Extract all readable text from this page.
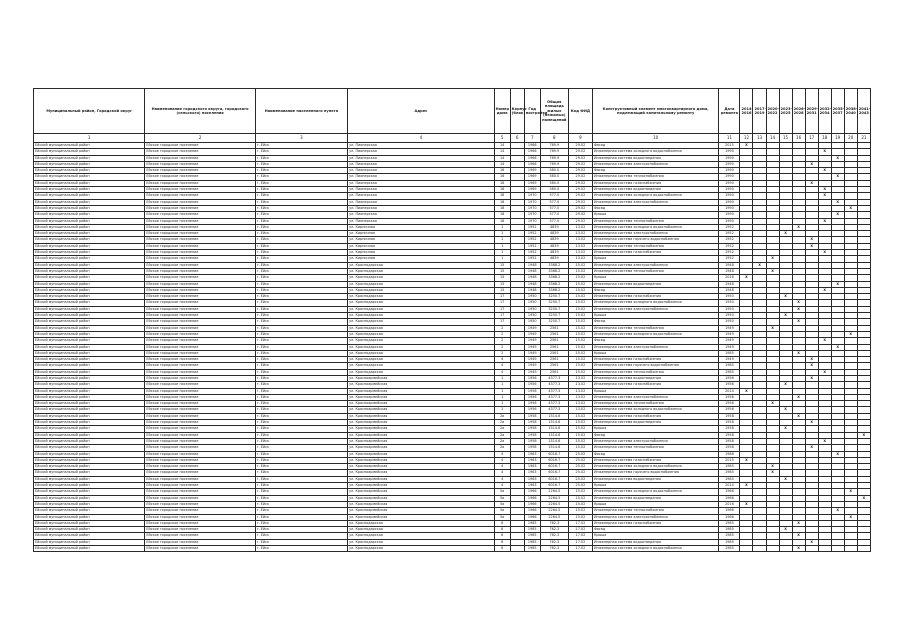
Муниципальный район, Городской округ	Наименование городского округа, городского (сельского) поселения	Наименование населенного пункта	Адрес	Номер дома	Корпус (блок)	Год постройки	Общая площадь жилых (нежилых) помещений	Код ФИД	Конструктивный элемент многоквартирного дома, подлежащий капитальному ремонту	Дата ремонта	2014-2016	2017-2019	2020-2022	2023-2025	2026-2028	2029-2031	2032-2034	2035-2037	2038-2040	2041-2043
1	2	3	4	5	6	7	8	9	10	11	12	13	14	15	16	17	18	19	20	21
Ейский муниципальный район	Ейское городское поселение	г. Ейск	ул. Пионерская	14		1966	769.9	29.02	Фасад	2015	X									
Ейский муниципальный район	Ейское городское поселение	г. Ейск	ул. Пионерская	14		1966	769.9	29.02	Инженерная система холодного водоснабжения	1990							X			
Ейский муниципальный район	Ейское городское поселение	г. Ейск	ул. Пионерская	14		1966	769.9	29.02	Инженерная система водоотведения	1990								X		
Ейский муниципальный район	Ейское городское поселение	г. Ейск	ул. Пионерская	14		1966	769.9	29.02	Инженерная система электроснабжения	1990						X				
Ейский муниципальный район	Ейское городское поселение	г. Ейск	ул. Пионерская	16		1969	580.0	29.02	Фасад	1990							X			
Ейский муниципальный район	Ейское городское поселение	г. Ейск	ул. Пионерская	16		1969	580.0	29.02	Инженерная система теплоснабжения	1990								X		
Ейский муниципальный район	Ейское городское поселение	г. Ейск	ул. Пионерская	16		1969	580.0	29.02	Инженерная система газоснабжения	1990						X				
Ейский муниципальный район	Ейское городское поселение	г. Ейск	ул. Пионерская	16		1969	580.0	29.02	Инженерная система водоотведения	1990							X			
Ейский муниципальный район	Ейское городское поселение	г. Ейск	ул. Пионерская	18		1970	577.0	29.02	Инженерная система холодного водоснабжения	1990							X			
Ейский муниципальный район	Ейское городское поселение	г. Ейск	ул. Пионерская	18		1970	577.0	29.02	Инженерная система электроснабжения	1990								X		
Ейский муниципальный район	Ейское городское поселение	г. Ейск	ул. Пионерская	18		1970	577.0	29.02	Фасад	1990									X	
Ейский муниципальный район	Ейское городское поселение	г. Ейск	ул. Пионерская	18		1970	577.0	29.02	Крыша	1990								X		
Ейский муниципальный район	Ейское городское поселение	г. Ейск	ул. Пионерская	18		1970	577.0	29.02	Инженерная система теплоснабжения	1990							X			
Ейский муниципальный район	Ейское городское поселение	г. Ейск	ул. Кирпичная	1		1952	4839	13.02	Инженерная система холодного водоснабжения	1952					X					
Ейский муниципальный район	Ейское городское поселение	г. Ейск	ул. Кирпичная	1		1952	4839	13.02	Инженерная система электроснабжения	1952				X						
Ейский муниципальный район	Ейское городское поселение	г. Ейск	ул. Кирпичная	1		1952	4839	13.02	Инженерная система горячего водоснабжения	1952						X				
Ейский муниципальный район	Ейское городское поселение	г. Ейск	ул. Кирпичная	1		1952	4839	13.02	Инженерная система теплоснабжения	1952						X				
Ейский муниципальный район	Ейское городское поселение	г. Ейск	ул. Кирпичная	1		1952	4839	13.02	Инженерная система газоснабжения	1952							X			
Ейский муниципальный район	Ейское городское поселение	г. Ейск	ул. Кирпичная	1		1952	4839	13.02	Крыша	1952			X							
Ейский муниципальный район	Ейское городское поселение	г. Ейск	ул. Краснодарская	15		1948	3368.2	15.02	Инженерная система электроснабжения	1948		X								
Ейский муниципальный район	Ейское городское поселение	г. Ейск	ул. Краснодарская	15		1948	3368.2	15.02	Инженерная система теплоснабжения	1948			X							
Ейский муниципальный район	Ейское городское поселение	г. Ейск	ул. Краснодарская	15		1948	3368.2	15.02	Крыша	2016	X									
Ейский муниципальный район	Ейское городское поселение	г. Ейск	ул. Краснодарская	15		1948	3368.2	15.02	Инженерная система водоотведения	1948								X		
Ейский муниципальный район	Ейское городское поселение	г. Ейск	ул. Краснодарская	15		1948	3368.2	15.02	Фасад	1948							X			
Ейский муниципальный район	Ейское городское поселение	г. Ейск	ул. Краснодарская	17		1950	3250.7	15.02	Инженерная система газоснабжения	1950				X						
Ейский муниципальный район	Ейское городское поселение	г. Ейск	ул. Краснодарская	17		1950	3250.7	15.02	Инженерная система холодного водоснабжения	1950					X					
Ейский муниципальный район	Ейское городское поселение	г. Ейск	ул. Краснодарская	17		1950	3250.7	15.02	Инженерная система электроснабжения	1950					X					
Ейский муниципальный район	Ейское городское поселение	г. Ейск	ул. Краснодарская	17		1950	3250.7	15.02	Крыша	1950				X						
Ейский муниципальный район	Ейское городское поселение	г. Ейск	ул. Краснодарская	17		1950	3250.7	15.02	Фасад	1950					X					
Ейский муниципальный район	Ейское городское поселение	г. Ейск	ул. Краснодарская	2		1949	2561	15.02	Инженерная система теплоснабжения	1949			X							
Ейский муниципальный район	Ейское городское поселение	г. Ейск	ул. Краснодарская	2		1949	2561	15.02	Инженерная система холодного водоснабжения	1949									X	
Ейский муниципальный район	Ейское городское поселение	г. Ейск	ул. Краснодарская	2		1949	2561	15.02	Фасад	1949							X			
Ейский муниципальный район	Ейское городское поселение	г. Ейск	ул. Краснодарская	2		1949	2561	15.02	Инженерная система электроснабжения	1949								X		
Ейский муниципальный район	Ейское городское поселение	г. Ейск	ул. Краснодарская	2		1949	2561	15.02	Крыша	1985					X					
Ейский муниципальный район	Ейское городское поселение	г. Ейск	ул. Краснодарская	4		1949	2561	15.02	Инженерная система газоснабжения	1949						X				
Ейский муниципальный район	Ейское городское поселение	г. Ейск	ул. Краснодарская	4		1949	2561	15.02	Инженерная система горячего водоснабжения	1985						X				
Ейский муниципальный район	Ейское городское поселение	г. Ейск	ул. Краснодарская	4		1949	2561	15.02	Инженерная система теплоснабжения	1985							X			
Ейский муниципальный район	Ейское городское поселение	г. Ейск	ул. Красноармейская	1		1956	4377.3	13.02	Инженерная система водоотведения	1956						X				
Ейский муниципальный район	Ейское городское поселение	г. Ейск	ул. Красноармейская	1		1956	4377.3	13.02	Инженерная система газоснабжения	1956				X						
Ейский муниципальный район	Ейское городское поселение	г. Ейск	ул. Красноармейская	1		1956	4377.3	13.02	Крыша	2014	X									
Ейский муниципальный район	Ейское городское поселение	г. Ейск	ул. Красноармейская	1		1956	4377.3	13.02	Инженерная система электроснабжения	1956					X					
Ейский муниципальный район	Ейское городское поселение	г. Ейск	ул. Красноармейская	1		1956	4377.3	13.02	Инженерная система теплоснабжения	1956			X							
Ейский муниципальный район	Ейское городское поселение	г. Ейск	ул. Красноармейская	1		1956	4377.3	13.02	Инженерная система холодного водоснабжения	1956				X						
Ейский муниципальный район	Ейское городское поселение	г. Ейск	ул. Красноармейская	2а		1958	1514.6	15.02	Инженерная система газоснабжения	1958					X					
Ейский муниципальный район	Ейское городское поселение	г. Ейск	ул. Красноармейская	2а		1958	1514.6	15.02	Инженерная система водоотведения	1958						X				
Ейский муниципальный район	Ейское городское поселение	г. Ейск	ул. Красноармейская	2а		1958	1514.6	15.02	Крыша	1958				X						
Ейский муниципальный район	Ейское городское поселение	г. Ейск	ул. Красноармейская	2а		1958	1514.6	15.02	Фасад	1958										X
Ейский муниципальный район	Ейское городское поселение	г. Ейск	ул. Красноармейская	2а		1958	1514.6	15.02	Инженерная система электроснабжения	1958							X			
Ейский муниципальный район	Ейское городское поселение	г. Ейск	ул. Красноармейская	2а		1958	1514.6	15.02	Инженерная система теплоснабжения	1958						X				
Ейский муниципальный район	Ейское городское поселение	г. Ейск	ул. Красноармейская	4		1963	6016.7	25.02	Фасад	1988								X		
Ейский муниципальный район	Ейское городское поселение	г. Ейск	ул. Красноармейская	4		1963	6016.7	25.02	Инженерная система газоснабжения	2015	X									
Ейский муниципальный район	Ейское городское поселение	г. Ейск	ул. Красноармейская	4		1963	6016.7	25.02	Инженерная система холодного водоснабжения	1985			X							
Ейский муниципальный район	Ейское городское поселение	г. Ейск	ул. Красноармейская	4		1963	6016.7	25.02	Инженерная система горячего водоснабжения	1985			X							
Ейский муниципальный район	Ейское городское поселение	г. Ейск	ул. Красноармейская	4		1963	6016.7	25.02	Инженерная система водоотведения	1985				X						
Ейский муниципальный район	Ейское городское поселение	г. Ейск	ул. Красноармейская	4		1963	6016.7	25.02	Крыша	2014	X									
Ейский муниципальный район	Ейское городское поселение	г. Ейск	ул. Красноармейская	5а		1966	2264.5	15.02	Инженерная система холодного водоснабжения	1966									X	
Ейский муниципальный район	Ейское городское поселение	г. Ейск	ул. Красноармейская	5а		1966	2264.5	15.02	Инженерная система водоотведения	1966										X
Ейский муниципальный район	Ейское городское поселение	г. Ейск	ул. Красноармейская	5а		1966	2264.5	15.02	Крыша	2016	X									
Ейский муниципальный район	Ейское городское поселение	г. Ейск	ул. Красноармейская	5а		1966	2264.5	15.02	Инженерная система теплоснабжения	1966								X		
Ейский муниципальный район	Ейское городское поселение	г. Ейск	ул. Красноармейская	5а		1966	2264.5	15.02	Инженерная система электроснабжения	1966									X	
Ейский муниципальный район	Ейское городское поселение	г. Ейск	ул. Краснодарская	6		1985	762.3	17.02	Инженерная система газоснабжения	1985					X					
Ейский муниципальный район	Ейское городское поселение	г. Ейск	ул. Краснодарская	6		1985	762.3	17.02	Фасад	1985				X						
Ейский муниципальный район	Ейское городское поселение	г. Ейск	ул. Краснодарская	6		1985	762.3	17.02	Крыша	1985					X					
Ейский муниципальный район	Ейское городское поселение	г. Ейск	ул. Краснодарская	6		1985	762.3	17.02	Инженерная система водоотведения	1985						X				
Ейский муниципальный район	Ейское городское поселение	г. Ейск	ул. Краснодарская	6		1985	762.3	17.02	Инженерная система холодного водоснабжения	1985					X					
